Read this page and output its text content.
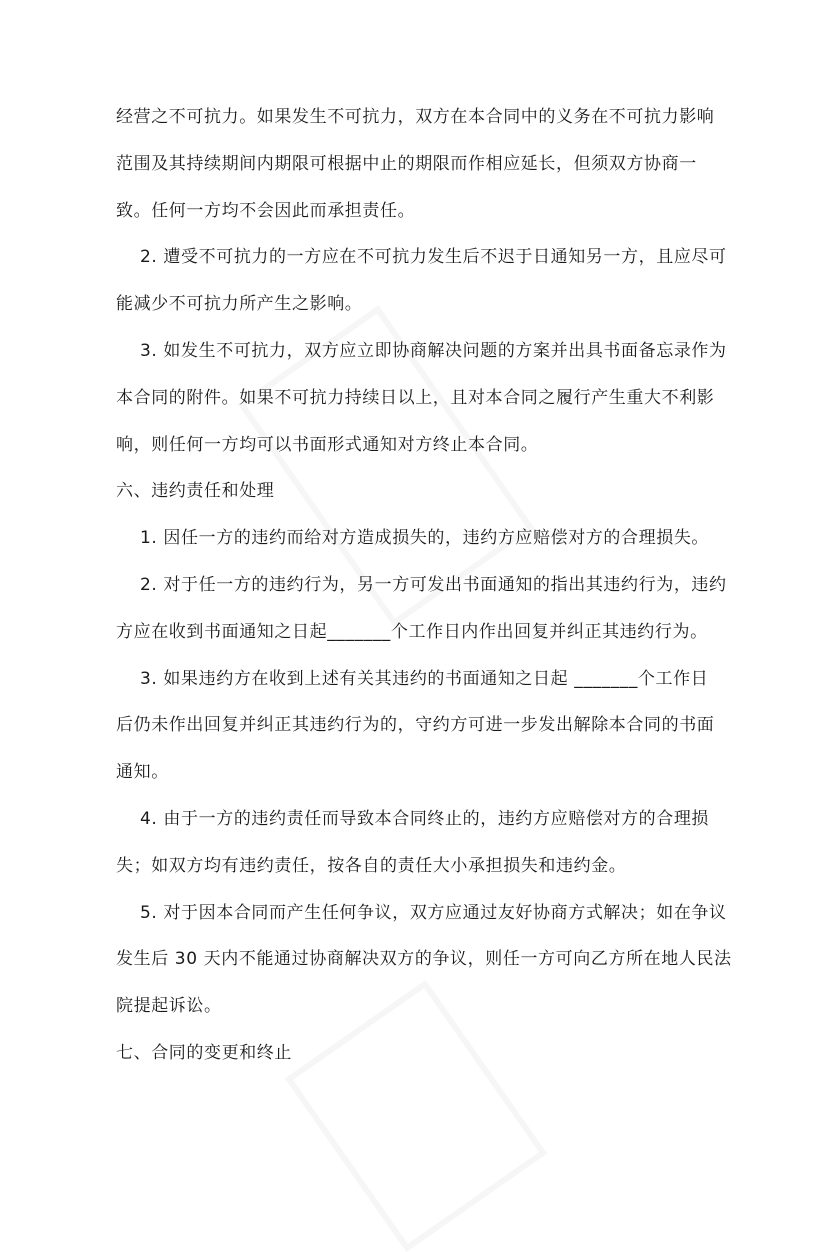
经营之不可抗力。如果发生不可抗力，双方在本合同中的义务在不可抗力影响
范围及其持续期间内期限可根据中止的期限而作相应延长，但须双方协商一
致。任何一方均不会因此而承担责任。
2. 遭受不可抗力的一方应在不可抗力发生后不迟于日通知另一方，且应尽可
能减少不可抗力所产生之影响。
3. 如发生不可抗力，双方应立即协商解决问题的方案并出具书面备忘录作为
本合同的附件。如果不可抗力持续日以上，且对本合同之履行产生重大不利影
响，则任何一方均可以书面形式通知对方终止本合同。
六、违约责任和处理
1. 因任一方的违约而给对方造成损失的，违约方应赔偿对方的合理损失。
2. 对于任一方的违约行为，另一方可发出书面通知的指出其违约行为，违约
方应在收到书面通知之日起_______个工作日内作出回复并纠正其违约行为。
3. 如果违约方在收到上述有关其违约的书面通知之日起 _______个工作日
后仍未作出回复并纠正其违约行为的，守约方可进一步发出解除本合同的书面
通知。
4. 由于一方的违约责任而导致本合同终止的，违约方应赔偿对方的合理损
失；如双方均有违约责任，按各自的责任大小承担损失和违约金。
5. 对于因本合同而产生任何争议，双方应通过友好协商方式解决；如在争议
发生后 30 天内不能通过协商解决双方的争议，则任一方可向乙方所在地人民法
院提起诉讼。
七、合同的变更和终止
